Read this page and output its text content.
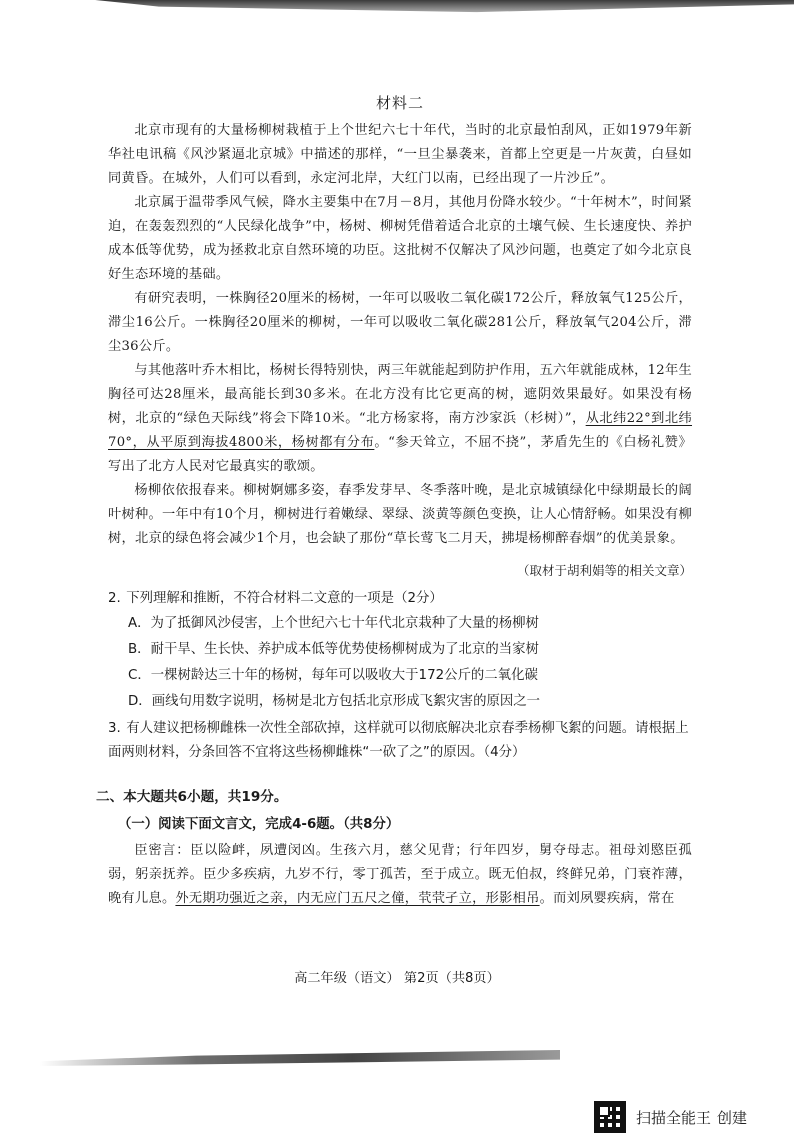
材料二

北京市现有的大量杨柳树栽植于上个世纪六七十年代，当时的北京最怕刮风，正如1979年新华社电讯稿《风沙紧逼北京城》中描述的那样，“一旦尘暴袭来，首都上空更是一片灰黄，白昼如同黄昏。在城外，人们可以看到，永定河北岸，大红门以南，已经出现了一片沙丘”。

北京属于温带季风气候，降水主要集中在7月－8月，其他月份降水较少。“十年树木”，时间紧迫，在轰轰烈烈的“人民绿化战争”中，杨树、柳树凭借着适合北京的土壤气候、生长速度快、养护成本低等优势，成为拯救北京自然环境的功臣。这批树不仅解决了风沙问题，也奠定了如今北京良好生态环境的基础。

有研究表明，一株胸径20厘米的杨树，一年可以吸收二氧化碳172公斤，释放氧气125公斤，滞尘16公斤。一株胸径20厘米的柳树，一年可以吸收二氧化碳281公斤，释放氧气204公斤，滞尘36公斤。

与其他落叶乔木相比，杨树长得特别快，两三年就能起到防护作用，五六年就能成林，12年生胸径可达28厘米，最高能长到30多米。在北方没有比它更高的树，遮阴效果最好。如果没有杨树，北京的“绿色天际线”将会下降10米。“北方杨家将，南方沙家浜（杉树）”，从北纬22°到北纬70°，从平原到海拔4800米，杨树都有分布。“参天耸立，不屈不挠”，茅盾先生的《白杨礼赞》写出了北方人民对它最真实的歌颂。

杨柳依依报春来。柳树婀娜多姿，春季发芽早、冬季落叶晚，是北京城镇绿化中绿期最长的阔叶树种。一年中有10个月，柳树进行着嫩绿、翠绿、淡黄等颜色变换，让人心情舒畅。如果没有柳树，北京的绿色将会减少1个月，也会缺了那份“草长莺飞二月天，拂堤杨柳醉春烟”的优美景象。

（取材于胡利娟等的相关文章）

2. 下列理解和推断，不符合材料二文意的一项是（2分）

A．为了抵御风沙侵害，上个世纪六七十年代北京栽种了大量的杨柳树

B．耐干旱、生长快、养护成本低等优势使杨柳树成为了北京的当家树

C．一棵树龄达三十年的杨树，每年可以吸收大于172公斤的二氧化碳

D．画线句用数字说明，杨树是北方包括北京形成飞絮灾害的原因之一

3. 有人建议把杨柳雌株一次性全部砍掉，这样就可以彻底解决北京春季杨柳飞絮的问题。请根据上面两则材料，分条回答不宜将这些杨柳雌株“一砍了之”的原因。（4分）

二、本大题共6小题，共19分。

（一）阅读下面文言文，完成4-6题。（共8分）

臣密言：臣以险衅，夙遭闵凶。生孩六月，慈父见背；行年四岁，舅夺母志。祖母刘愍臣孤弱，躬亲抚养。臣少多疾病，九岁不行，零丁孤苦，至于成立。既无伯叔，终鲜兄弟，门衰祚薄，晚有儿息。外无期功强近之亲，内无应门五尺之僮，茕茕孑立，形影相吊。而刘夙婴疾病，常在

高二年级（语文） 第2页（共8页）
扫描全能王 创建
